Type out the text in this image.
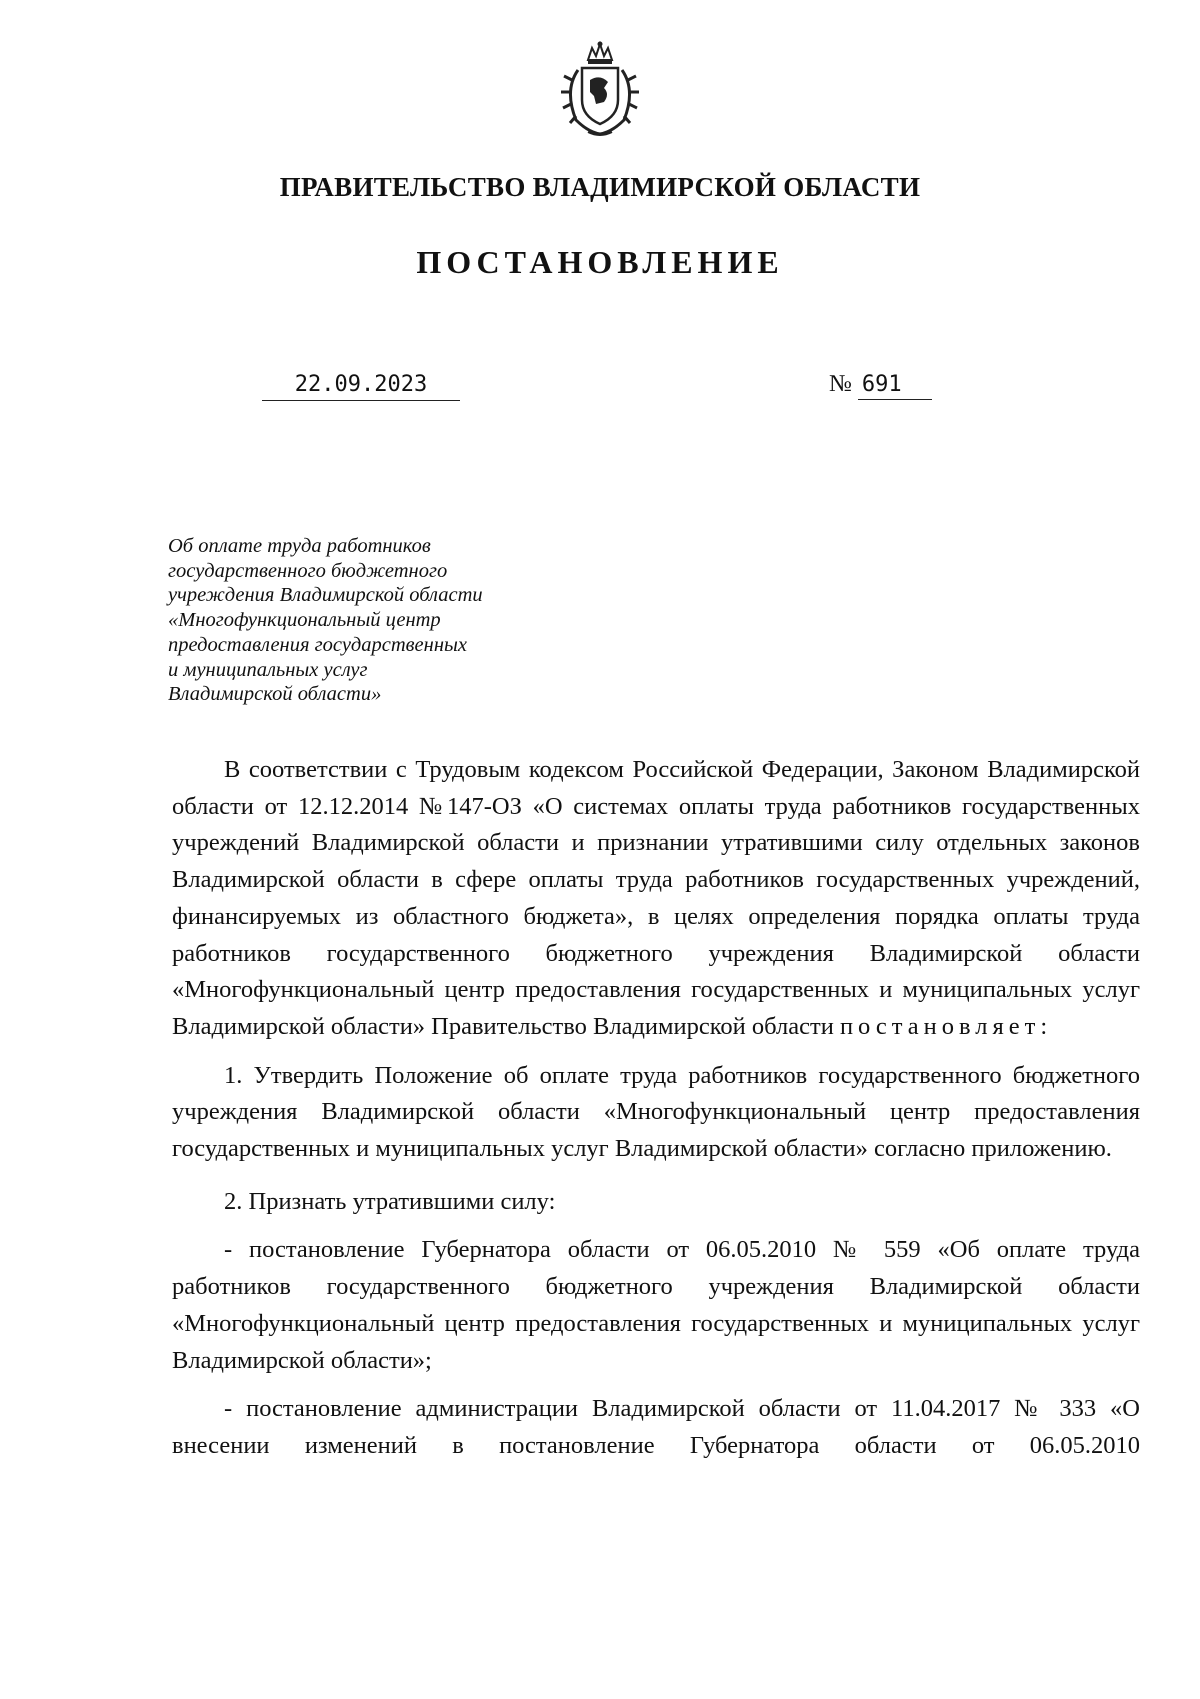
ПРАВИТЕЛЬСТВО ВЛАДИМИРСКОЙ ОБЛАСТИ
ПОСТАНОВЛЕНИЕ
22.09.2023	№ 691
Об оплате труда работников
государственного бюджетного
учреждения Владимирской области
«Многофункциональный центр
предоставления государственных
и муниципальных услуг
Владимирской области»

В соответствии с Трудовым кодексом Российской Федерации, Законом Владимирской области от 12.12.2014 №147-ОЗ «О системах оплаты труда работников государственных учреждений Владимирской области и признании утратившими силу отдельных законов Владимирской области в сфере оплаты труда работников государственных учреждений, финансируемых из областного бюджета», в целях определения порядка оплаты труда работников государственного бюджетного учреждения Владимирской области «Многофункциональный центр предоставления государственных и муниципальных услуг Владимирской области» Правительство Владимирской области постановляет:

1. Утвердить Положение об оплате труда работников государственного бюджетного учреждения Владимирской области «Многофункциональный центр предоставления государственных и муниципальных услуг Владимирской области» согласно приложению.

2. Признать утратившими силу:

- постановление Губернатора области от 06.05.2010 № 559 «Об оплате труда работников государственного бюджетного учреждения Владимирской области «Многофункциональный центр предоставления государственных и муниципальных услуг Владимирской области»;

- постановление администрации Владимирской области от 11.04.2017 № 333 «О внесении изменений в постановление Губернатора области от 06.05.2010
